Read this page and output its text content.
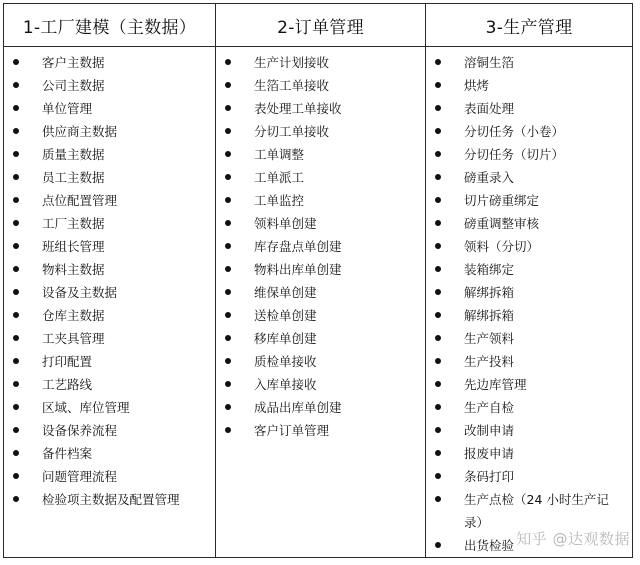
1-工厂建模（主数据）
客户主数据
公司主数据
单位管理
供应商主数据
质量主数据
员工主数据
点位配置管理
工厂主数据
班组长管理
物料主数据
设备及主数据
仓库主数据
工夹具管理
打印配置
工艺路线
区域、库位管理
设备保养流程
备件档案
问题管理流程
检验项主数据及配置管理
2-订单管理
生产计划接收
生箔工单接收
表处理工单接收
分切工单接收
工单调整
工单派工
工单监控
领料单创建
库存盘点单创建
物料出库单创建
维保单创建
送检单创建
移库单创建
质检单接收
入库单接收
成品出库单创建
客户订单管理
3-生产管理
溶铜生箔
烘烤
表面处理
分切任务（小卷）
分切任务（切片）
磅重录入
切片磅重绑定
磅重调整审核
领料（分切）
装箱绑定
解绑拆箱
解绑拆箱
生产领料
生产投料
先边库管理
生产自检
改制申请
报废申请
条码打印
生产点检（24 小时生产记录）
出货检验 知乎 @达观数据
